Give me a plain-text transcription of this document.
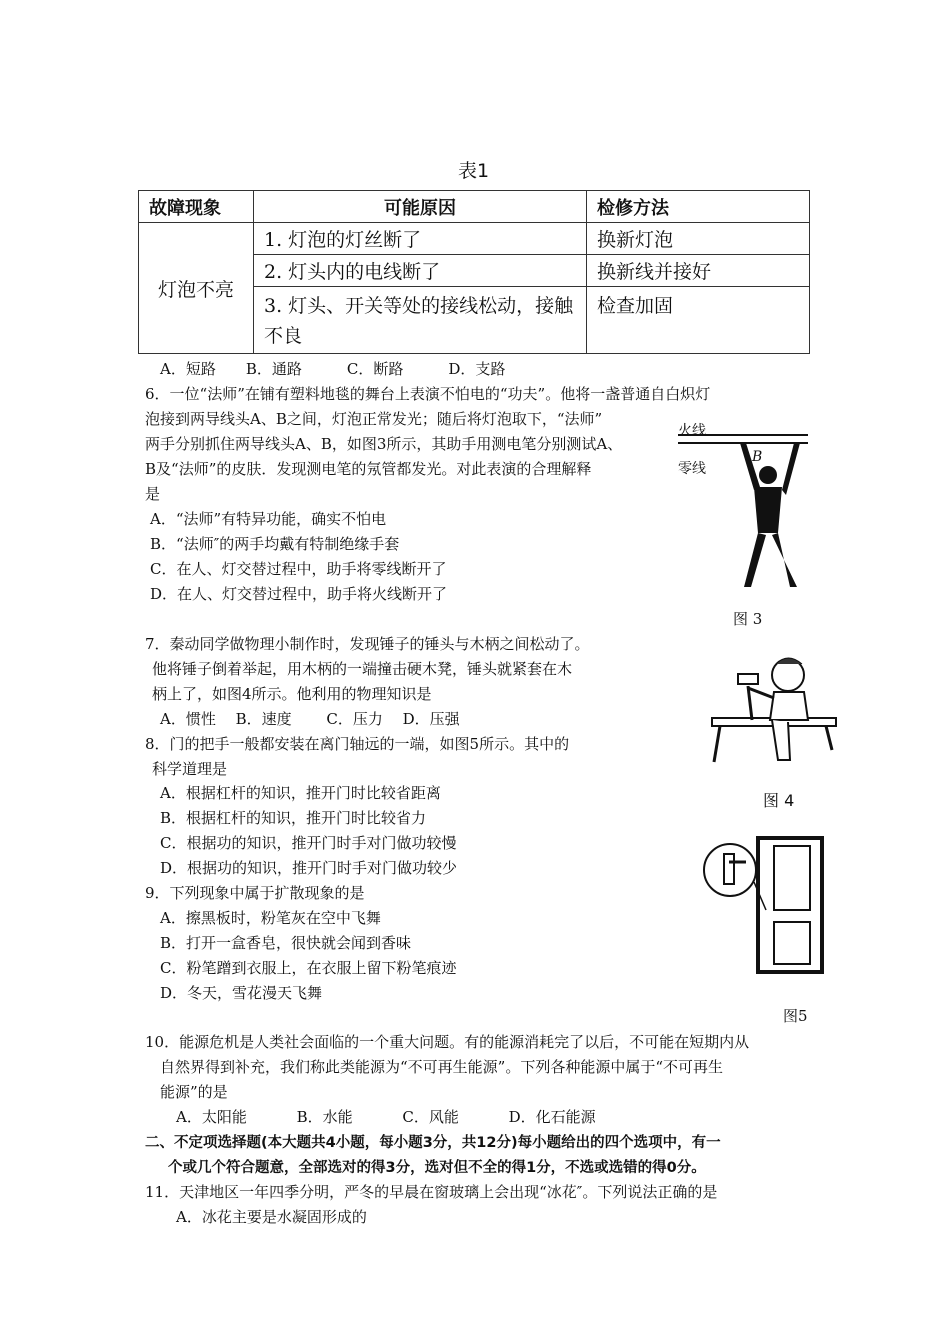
表1
故障现象	可能原因	检修方法
灯泡不亮	1. 灯泡的灯丝断了	换新灯泡
	2. 灯头内的电线断了	换新线并接好
	3. 灯头、开关等处的接线松动，接触不良	检查加固
A．短路　　B．通路　　　C．断路　　　D．支路
6．一位“法师”在铺有塑料地毯的舞台上表演不怕电的“功夫”。他将一盏普通自白炽灯
泡接到两导线头A、B之间，灯泡正常发光；随后将灯泡取下，“法师”
两手分别抓住两导线头A、B，如图3所示，其助手用测电笔分别测试A、
B及“法师”的皮肤．发现测电笔的氖管都发光。对此表演的合理解释
是
A．“法师”有特异功能，确实不怕电
B．“法师″的两手均戴有特制绝缘手套
C．在人、灯交替过程中，助手将零线断开了
D．在人、灯交替过程中，助手将火线断开了
火线
零线
B
图 3
7．秦动同学做物理小制作时，发现锤子的锤头与木柄之间松动了。
他将锤子倒着举起，用木柄的一端撞击硬木凳，锤头就紧套在木
柄上了，如图4所示。他利用的物理知识是
A．惯性　 B．速度　　 C．压力　 D．压强
图 4
8．门的把手一般都安装在离门轴远的一端，如图5所示。其中的
科学道理是
A．根据杠杆的知识，推开门时比较省距离
B．根据杠杆的知识，推开门时比较省力
C．根据功的知识，推开门时手对门做功较慢
D．根据功的知识，推开门时手对门做功较少
图5
9．下列现象中属于扩散现象的是
A．擦黑板时，粉笔灰在空中飞舞
B．打开一盒香皂，很快就会闻到香味
C．粉笔蹭到衣服上，在衣服上留下粉笔痕迹
D．冬天，雪花漫天飞舞
10．能源危机是人类社会面临的一个重大问题。有的能源消耗完了以后，不可能在短期内从
自然界得到补充，我们称此类能源为“不可再生能源”。下列各种能源中属于“不可再生
能源”的是
A．太阳能　　　 B．水能　　　 C．风能　　　 D．化石能源
二、不定项选择题(本大题共4小题，每小题3分，共12分)每小题给出的四个选项中，有一
个或几个符合题意，全部选对的得3分，选对但不全的得1分，不选或选错的得0分。
11．天津地区一年四季分明，严冬的早晨在窗玻璃上会出现“冰花″。下列说法正确的是
A．冰花主要是水凝固形成的
